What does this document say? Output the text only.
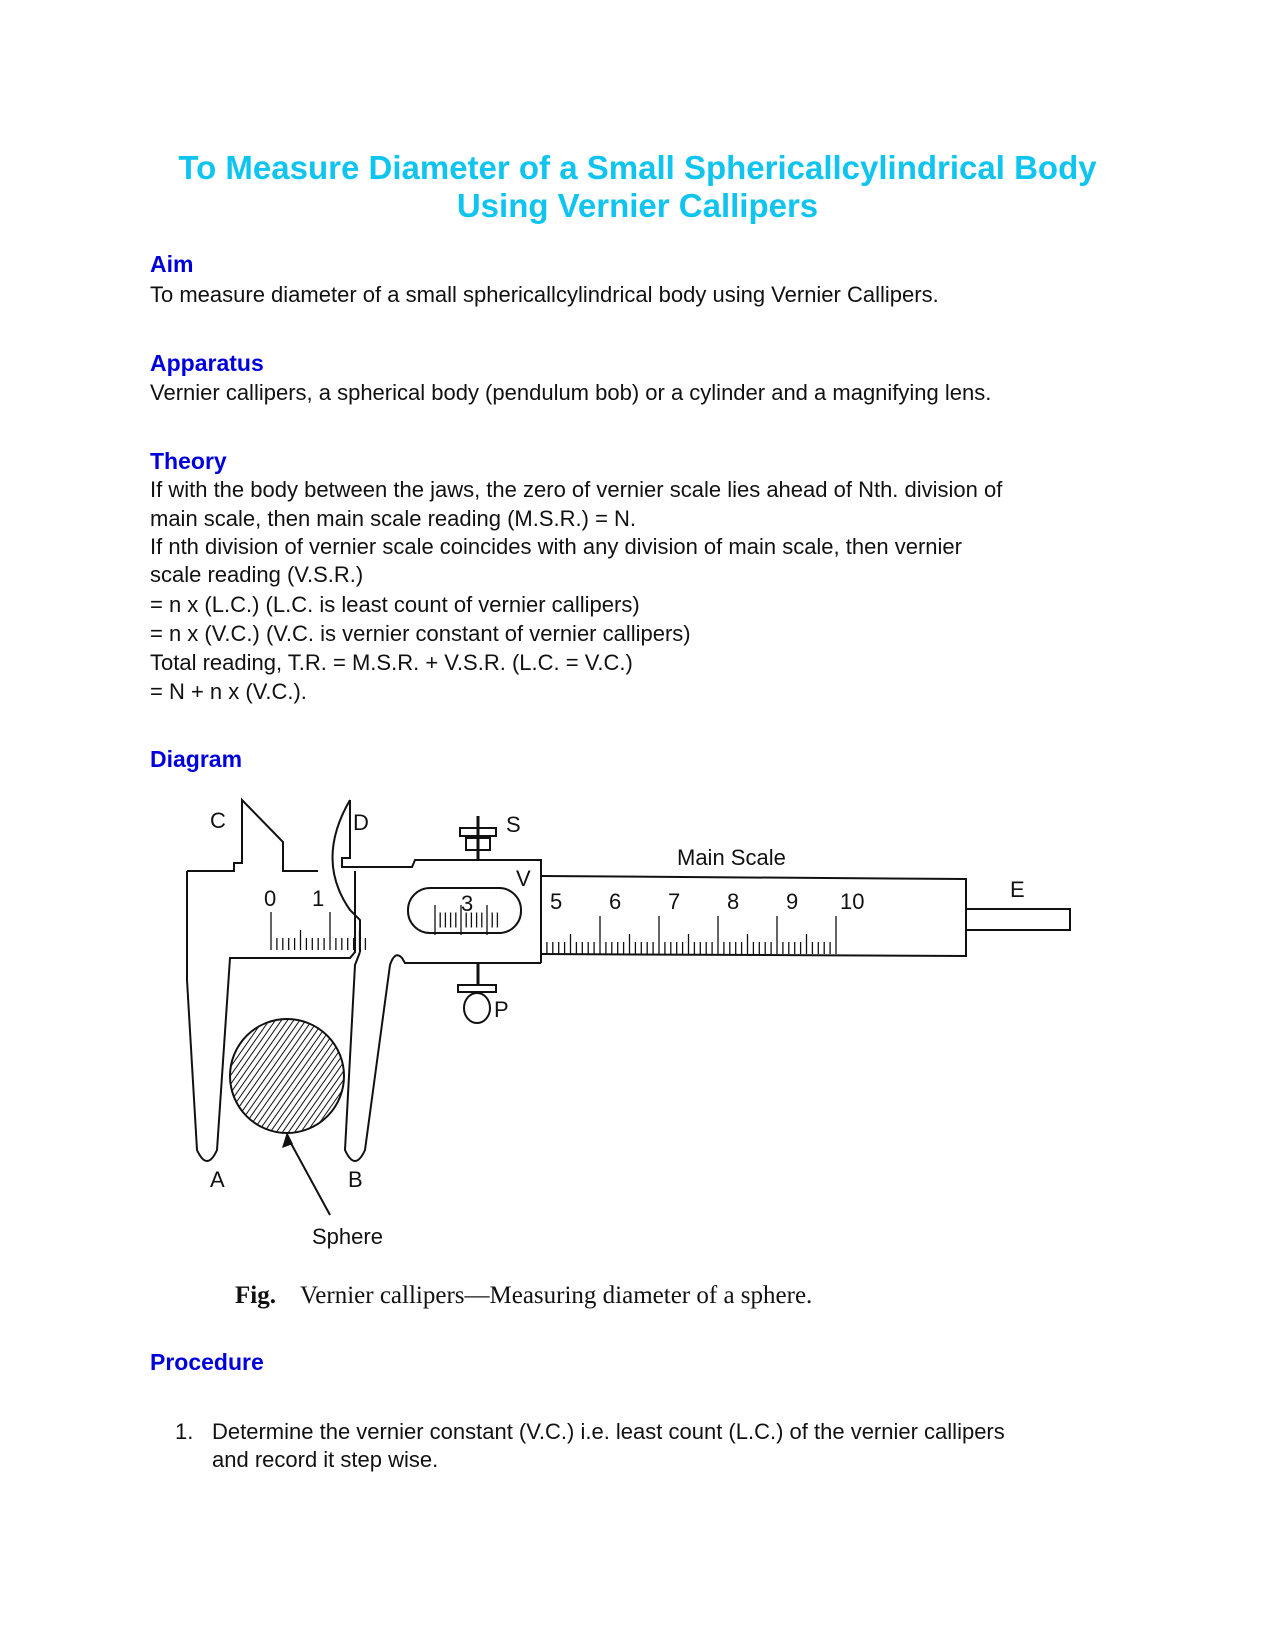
To Measure Diameter of a Small Sphericallcylindrical Body
Using Vernier Callipers
Aim
To measure diameter of a small sphericallcylindrical body using Vernier Callipers.
Apparatus
Vernier callipers, a spherical body (pendulum bob) or a cylinder and a magnifying lens.
Theory
If with the body between the jaws, the zero of vernier scale lies ahead of Nth. division of
main scale, then main scale reading (M.S.R.) = N.
If nth division of vernier scale coincides with any division of main scale, then vernier
scale reading (V.S.R.)
= n x (L.C.) (L.C. is least count of vernier callipers)
= n x (V.C.) (V.C. is vernier constant of vernier callipers)
Total reading, T.R. = M.S.R. + V.S.R. (L.C. = V.C.)
= N + n x (V.C.).
Diagram
C	D	S
V
Main Scale
E
P
A	B
Sphere
0 1	3	5 6 7 8 9 10
Fig. Vernier callipers—Measuring diameter of a sphere.
Procedure
1. Determine the vernier constant (V.C.) i.e. least count (L.C.) of the vernier callipers
and record it step wise.
